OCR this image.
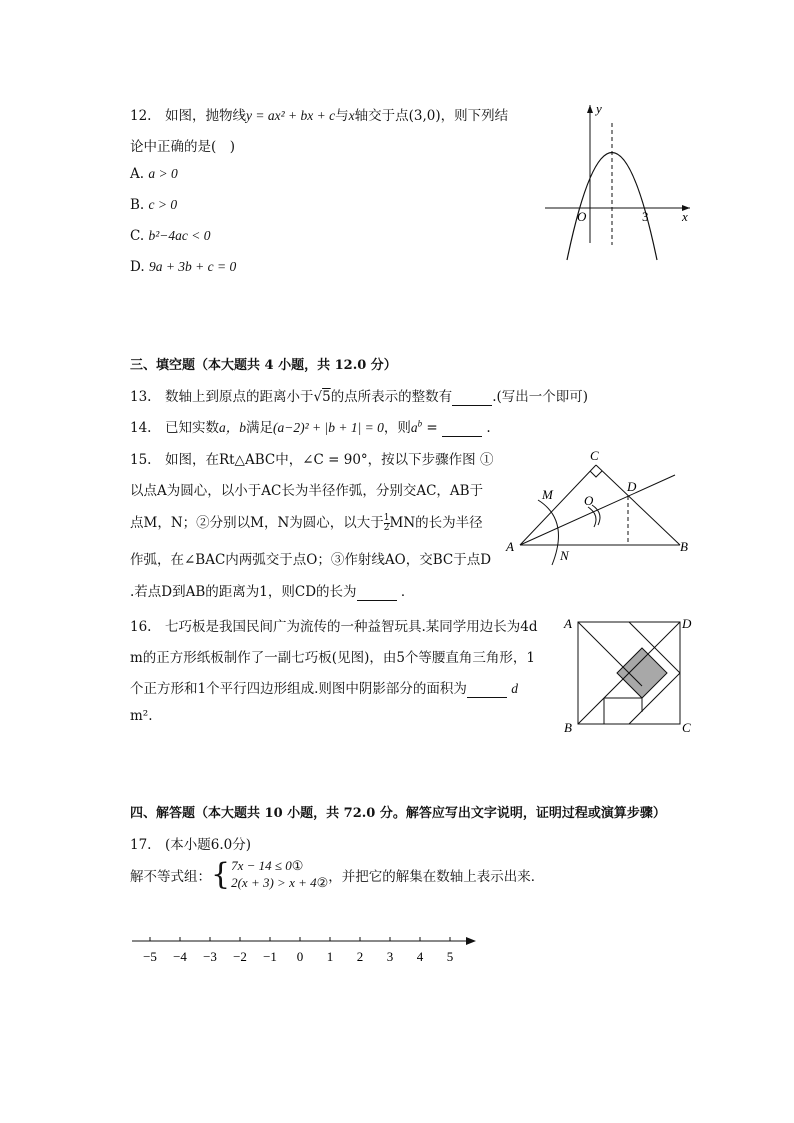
12.　如图，抛物线y = ax² + bx + c与x轴交于点(3,0)，则下列结
论中正确的是(　)
A. a > 0
B. c > 0
C. b²−4ac < 0
D. 9a + 3b + c = 0
y
x
O	3
三、填空题（本大题共 4 小题，共 12.0 分）
13.　数轴上到原点的距离小于√5的点所表示的整数有	.(写出一个即可)
14.　已知实数a，b满足(a−2)² + |b + 1| = 0，则$a^b$ =	.
15.　如图，在Rt△ABC中，∠C = 90°，按以下步骤作图 ①
以点A为圆心，以小于AC长为半径作弧，分别交AC，AB于
点M，N；②分别以M，N为圆心，以大于 $\frac{1}{2}$ MN的长为半径
作弧，在∠BAC内两弧交于点O；③作射线AO，交BC于点D
.若点D到AB的距离为1，则CD的长为	．
A	B
C
D
M
N
O
16.　七巧板是我国民间广为流传的一种益智玩具.某同学用边长为4d
m的正方形纸板制作了一副七巧板(见图)，由5个等腰直角三角形，1
个正方形和1个平行四边形组成.则图中阴影部分的面积为	d
m².
A	D
B	C
四、解答题（本大题共 10 小题，共 72.0 分。解答应写出文字说明，证明过程或演算步骤）
17.　(本小题6.0分)
解不等式组： { 7x − 14 ≤ 0①
2(x + 3) > x + 4② ，并把它的解集在数轴上表示出来．
−5 −4 −3 −2 −1 0 1 2 3 4 5
